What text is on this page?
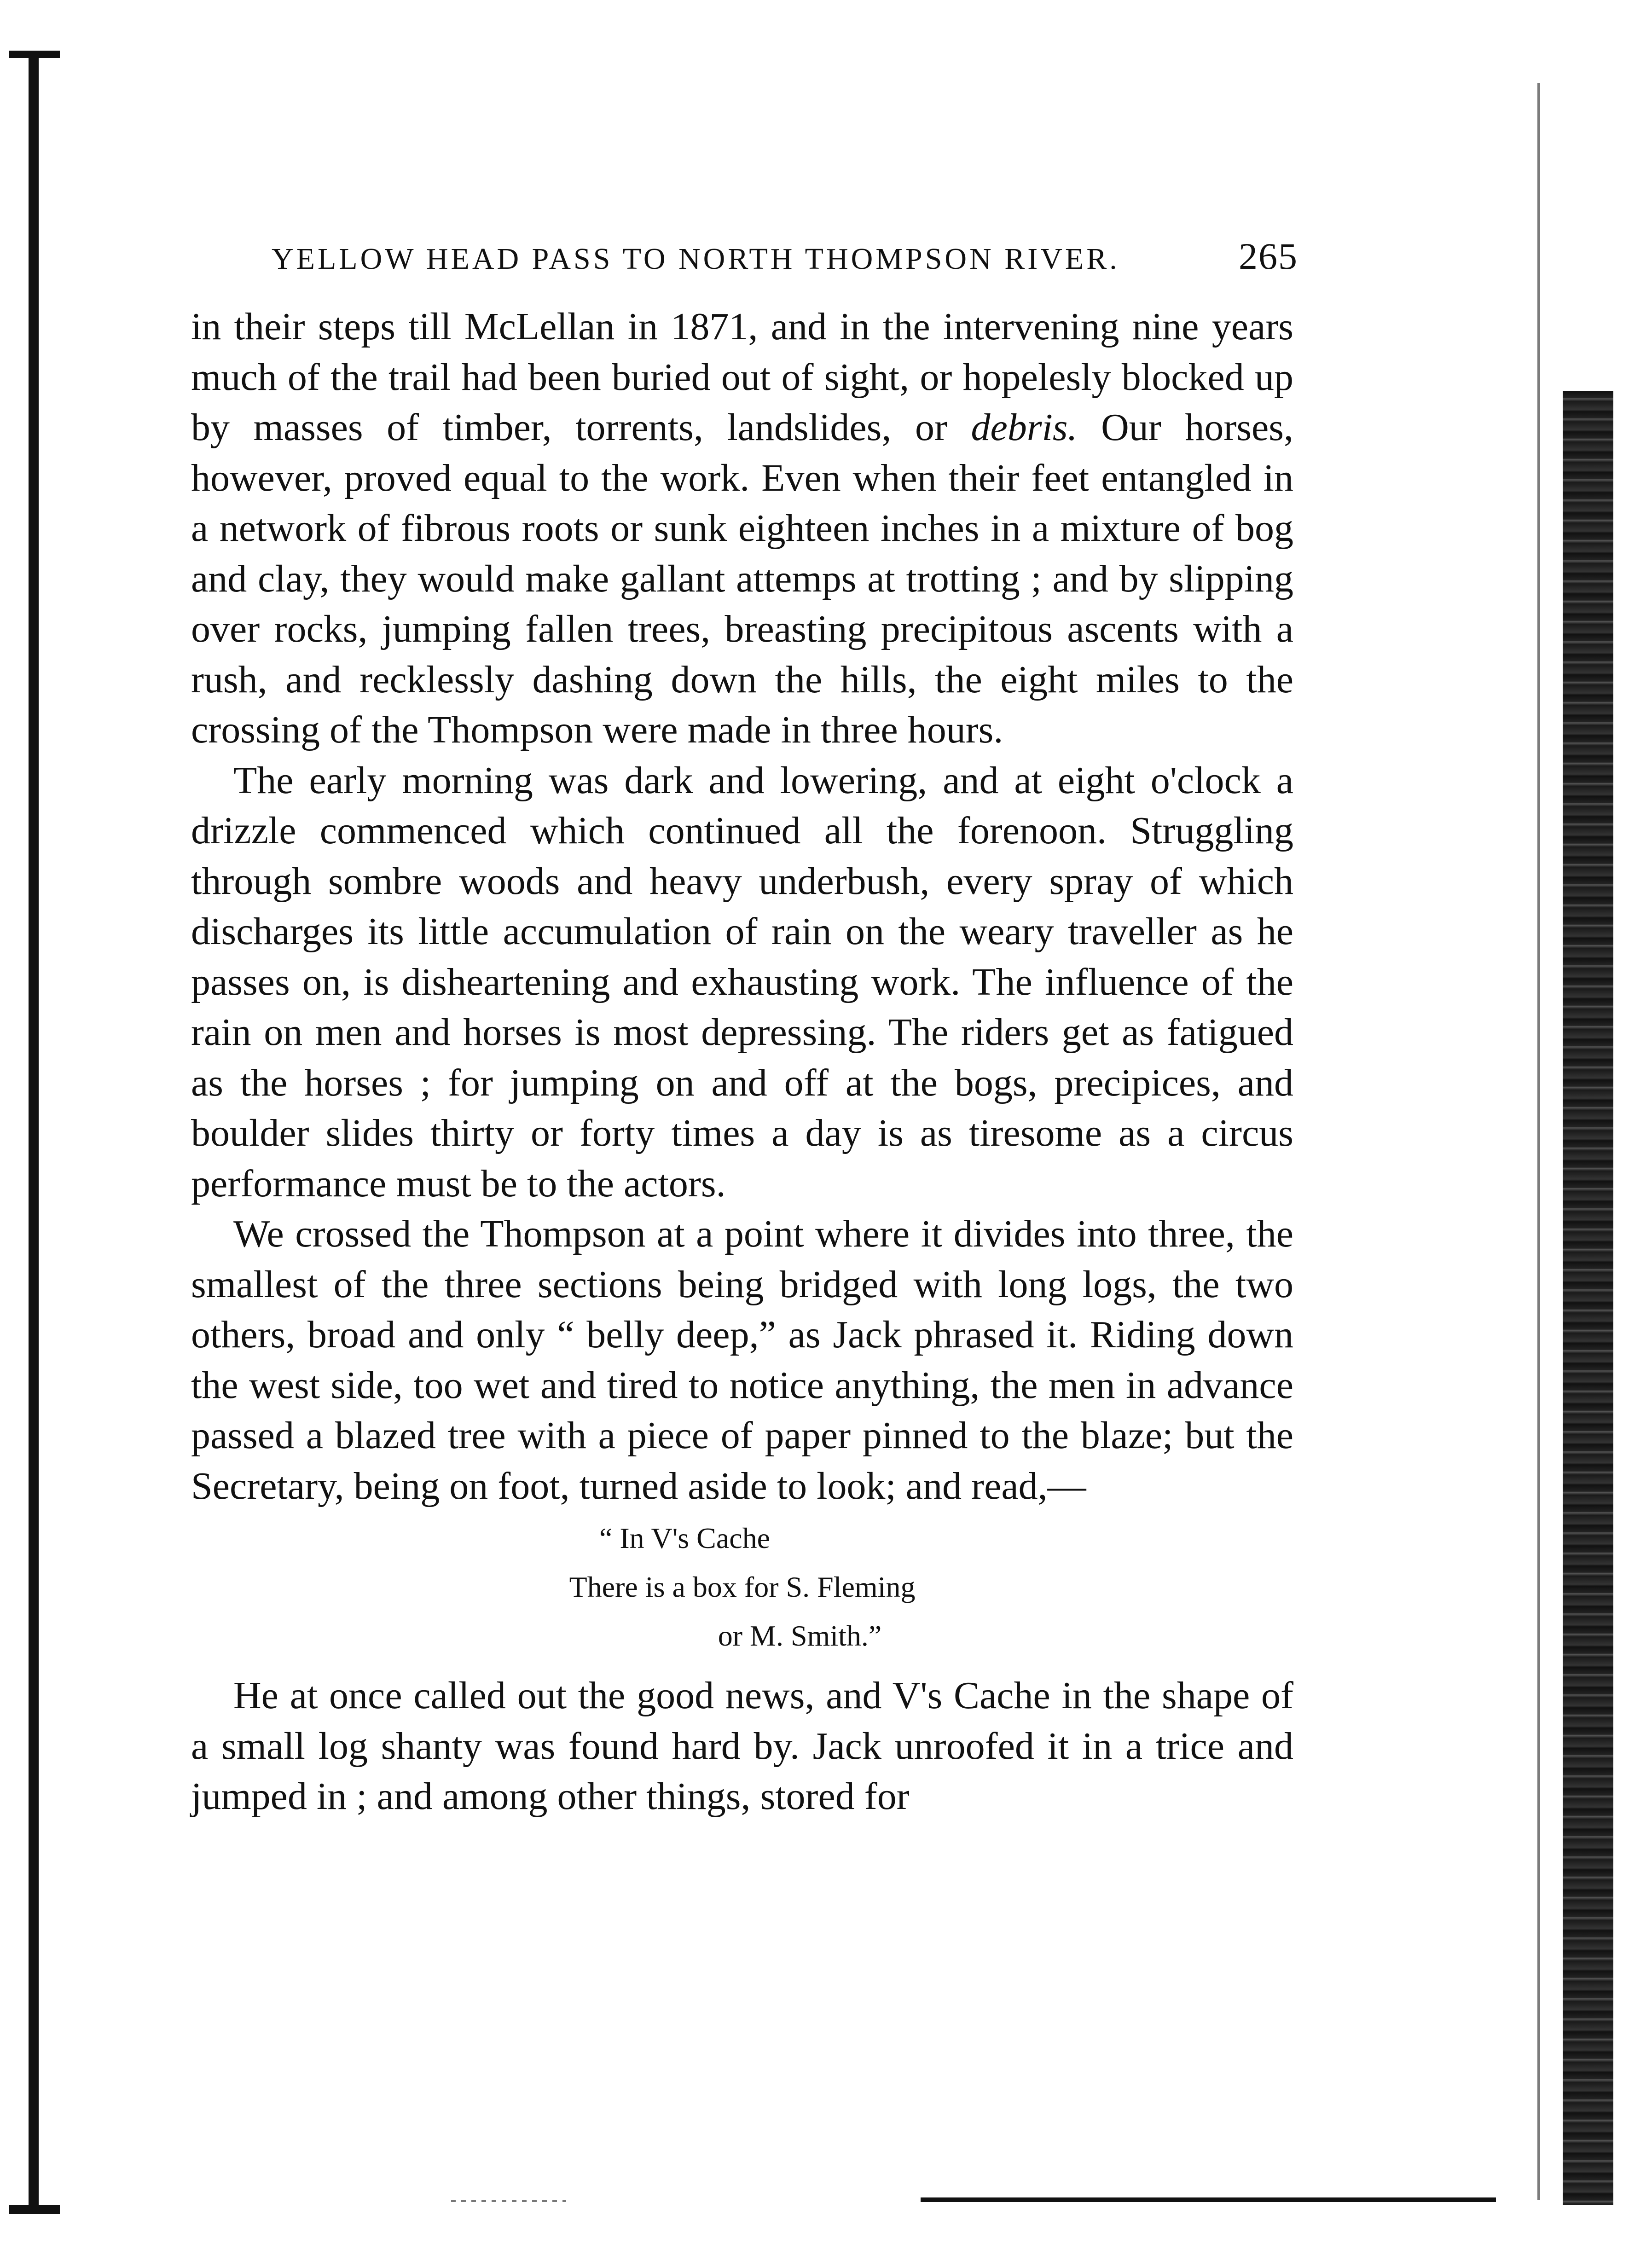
YELLOW HEAD PASS TO NORTH THOMPSON RIVER.	265

in their steps till McLellan in 1871, and in the intervening nine years much of the trail had been buried out of sight, or hopelesly blocked up by masses of timber, torrents, landslides, or debris. Our horses, however, proved equal to the work. Even when their feet entangled in a network of fibrous roots or sunk eighteen inches in a mixture of bog and clay, they would make gallant attemps at trotting ; and by slipping over rocks, jumping fallen trees, breasting precipitous ascents with a rush, and recklessly dashing down the hills, the eight miles to the crossing of the Thompson were made in three hours.

The early morning was dark and lowering, and at eight o'clock a drizzle commenced which continued all the forenoon. Struggling through sombre woods and heavy underbush, every spray of which discharges its little accumulation of rain on the weary traveller as he passes on, is disheartening and exhausting work. The influence of the rain on men and horses is most depressing. The riders get as fatigued as the horses ; for jumping on and off at the bogs, precipices, and boulder slides thirty or forty times a day is as tiresome as a circus performance must be to the actors.

We crossed the Thompson at a point where it divides into three, the smallest of the three sections being bridged with long logs, the two others, broad and only “ belly deep,” as Jack phrased it. Riding down the west side, too wet and tired to notice anything, the men in advance passed a blazed tree with a piece of paper pinned to the blaze; but the Secretary, being on foot, turned aside to look; and read,—

“ In V's Cache
There is a box for S. Fleming
or M. Smith.”

He at once called out the good news, and V's Cache in the shape of a small log shanty was found hard by. Jack unroofed it in a trice and jumped in ; and among other things, stored for
